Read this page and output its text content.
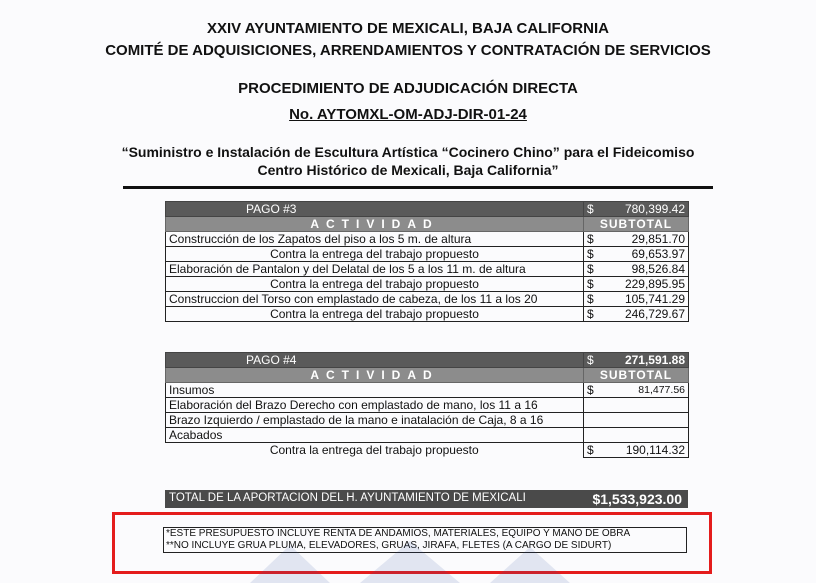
XXIV AYUNTAMIENTO DE MEXICALI, BAJA CALIFORNIA
COMITÉ DE ADQUISICIONES, ARRENDAMIENTOS Y CONTRATACIÓN DE SERVICIOS
PROCEDIMIENTO DE ADJUDICACIÓN DIRECTA
No. AYTOMXL-OM-ADJ-DIR-01-24
“Suministro e Instalación de Escultura Artística “Cocinero Chino” para el Fideicomiso
Centro Histórico de Mexicali, Baja California”
PAGO #3	$ 780,399.42

ACTIVIDAD	SUBTOTAL
Construcción de los Zapatos del piso a los 5 m. de altura	$ 29,851.70

Contra la entrega del trabajo propuesto	$ 69,653.97

Elaboración de Pantalon y del Delatal de los 5 a los 11 m. de altura	$ 98,526.84

Contra la entrega del trabajo propuesto	$ 229,895.95

Construccion del Torso con emplastado de cabeza, de los 11 a los 20	$ 105,741.29

Contra la entrega del trabajo propuesto	$ 246,729.67
PAGO #4	$ 271,591.88

ACTIVIDAD	SUBTOTAL
Insumos	$ 81,477.56

Elaboración del Brazo Derecho con emplastado de mano, los 11 a 16	

Brazo Izquierdo / emplastado de la mano e inatalación de Caja, 8 a 16	

Acabados	

Contra la entrega del trabajo propuesto	$ 190,114.32
TOTAL DE LA APORTACION DEL H. AYUNTAMIENTO DE MEXICALI	$1,533,923.00
*ESTE PRESUPUESTO INCLUYE RENTA DE ANDAMIOS, MATERIALES, EQUIPO Y MANO DE OBRA
**NO INCLUYE GRUA PLUMA, ELEVADORES, GRUAS, JIRAFA, FLETES (A CARGO DE SIDURT)
